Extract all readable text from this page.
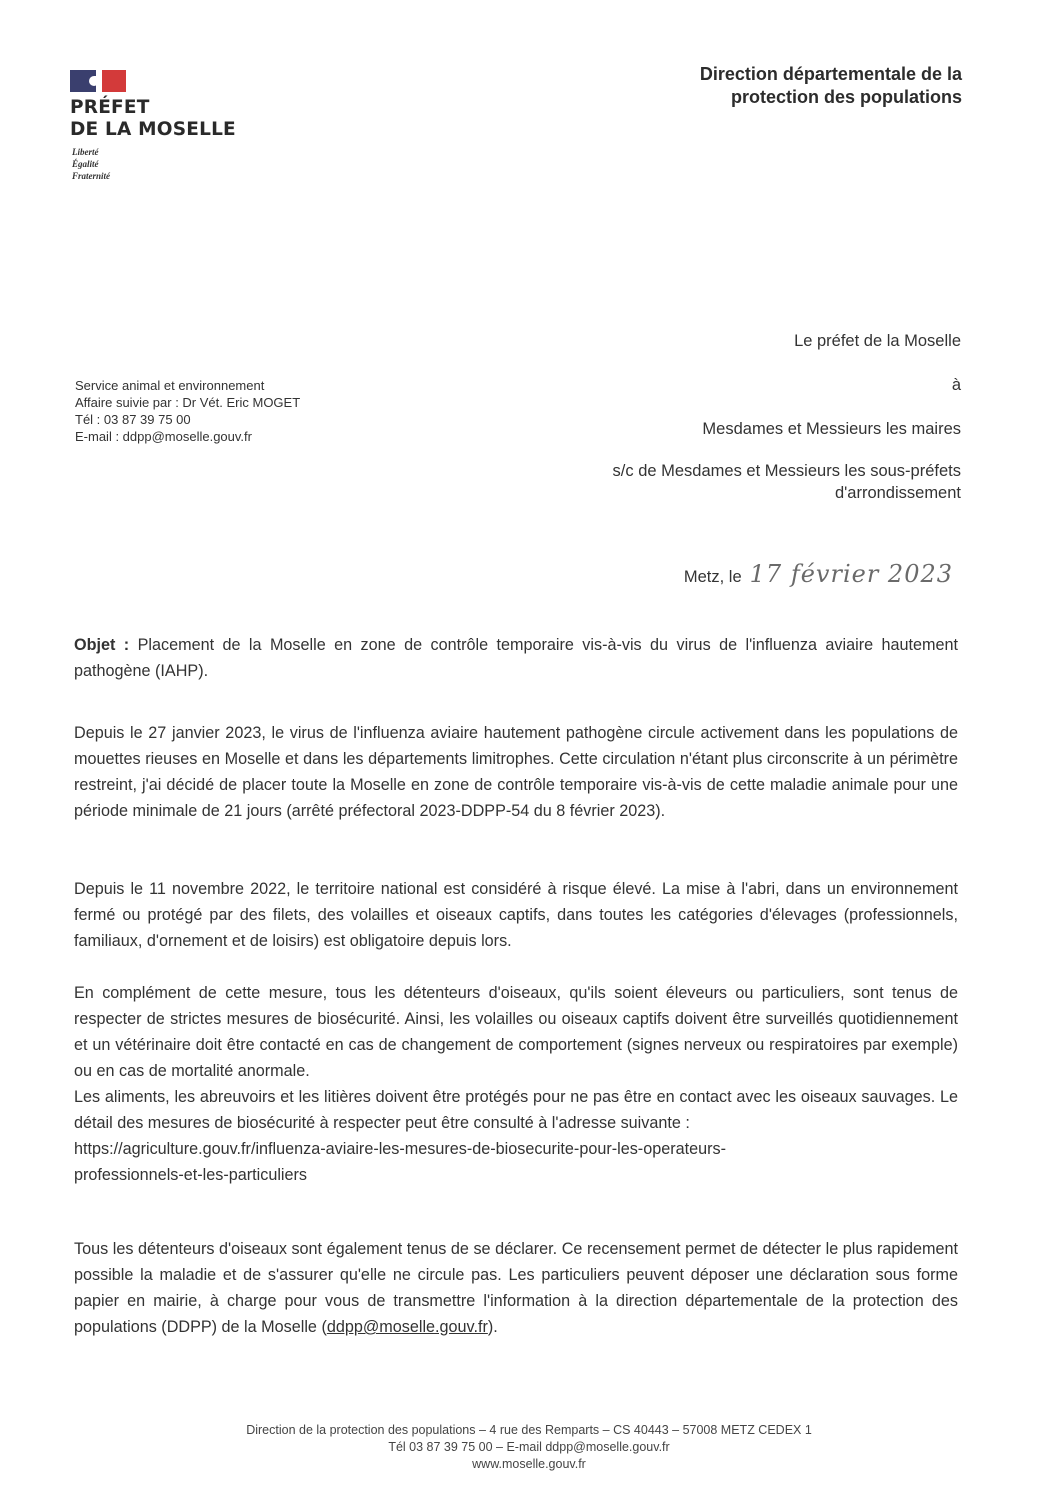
PRÉFET
DE LA MOSELLE
Liberté
Égalité
Fraternité
Direction départementale de la
protection des populations
Service animal et environnement
Affaire suivie par : Dr Vét. Eric MOGET
Tél : 03 87 39 75 00
E-mail : ddpp@moselle.gouv.fr
Le préfet de la Moselle
à
Mesdames et Messieurs les maires
s/c de Mesdames et Messieurs les sous-préfets
d'arrondissement
Metz, le 17 février 2023

Objet : Placement de la Moselle en zone de contrôle temporaire vis-à-vis du virus de l'influenza aviaire hautement pathogène (IAHP).

Depuis le 27 janvier 2023, le virus de l'influenza aviaire hautement pathogène circule activement dans les populations de mouettes rieuses en Moselle et dans les départements limitrophes. Cette circulation n'étant plus circonscrite à un périmètre restreint, j'ai décidé de placer toute la Moselle en zone de contrôle temporaire vis-à-vis de cette maladie animale pour une période minimale de 21 jours (arrêté préfectoral 2023-DDPP-54 du 8 février 2023).

Depuis le 11 novembre 2022, le territoire national est considéré à risque élevé. La mise à l'abri, dans un environnement fermé ou protégé par des filets, des volailles et oiseaux captifs, dans toutes les catégories d'élevages (professionnels, familiaux, d'ornement et de loisirs) est obligatoire depuis lors.

En complément de cette mesure, tous les détenteurs d'oiseaux, qu'ils soient éleveurs ou particuliers, sont tenus de respecter de strictes mesures de biosécurité. Ainsi, les volailles ou oiseaux captifs doivent être surveillés quotidiennement et un vétérinaire doit être contacté en cas de changement de comportement (signes nerveux ou respiratoires par exemple) ou en cas de mortalité anormale.

Les aliments, les abreuvoirs et les litières doivent être protégés pour ne pas être en contact avec les oiseaux sauvages. Le détail des mesures de biosécurité à respecter peut être consulté à l'adresse suivante :

https://agriculture.gouv.fr/influenza-aviaire-les-mesures-de-biosecurite-pour-les-operateurs-

professionnels-et-les-particuliers

Tous les détenteurs d'oiseaux sont également tenus de se déclarer. Ce recensement permet de détecter le plus rapidement possible la maladie et de s'assurer qu'elle ne circule pas. Les particuliers peuvent déposer une déclaration sous forme papier en mairie, à charge pour vous de transmettre l'information à la direction départementale de la protection des populations (DDPP) de la Moselle (ddpp@moselle.gouv.fr).

Direction de la protection des populations – 4 rue des Remparts – CS 40443 – 57008 METZ CEDEX 1
Tél 03 87 39 75 00 – E-mail ddpp@moselle.gouv.fr
www.moselle.gouv.fr
